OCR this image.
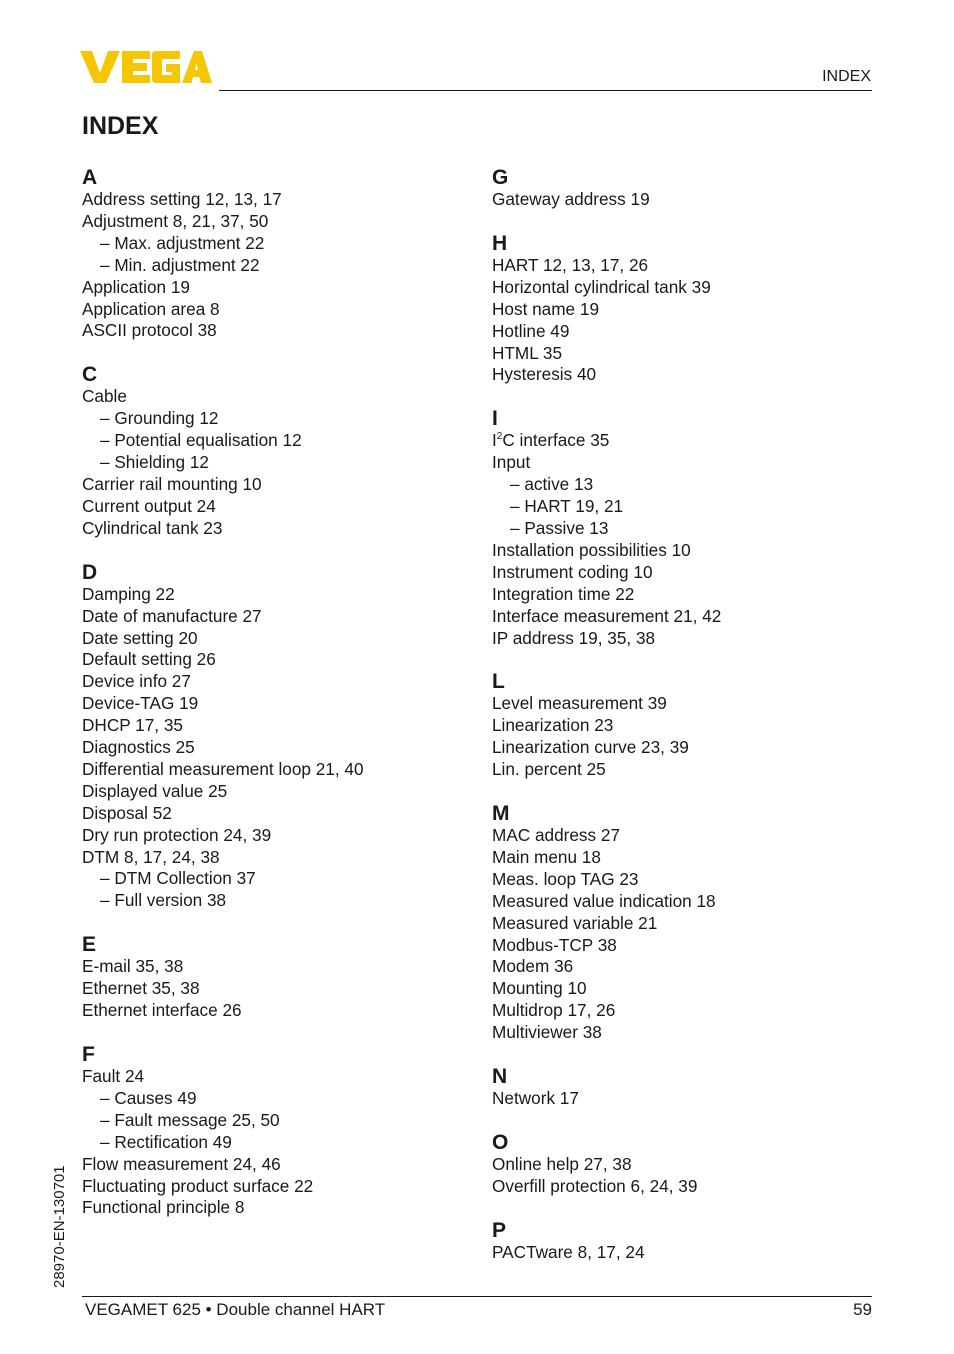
INDEX
INDEX
A
Address setting 12, 13, 17
Adjustment 8, 21, 37, 50
– Max. adjustment 22
– Min. adjustment 22
Application 19
Application area 8
ASCII protocol 38
C
Cable
– Grounding 12
– Potential equalisation 12
– Shielding 12
Carrier rail mounting 10
Current output 24
Cylindrical tank 23
D
Damping 22
Date of manufacture 27
Date setting 20
Default setting 26
Device info 27
Device-TAG 19
DHCP 17, 35
Diagnostics 25
Differential measurement loop 21, 40
Displayed value 25
Disposal 52
Dry run protection 24, 39
DTM 8, 17, 24, 38
– DTM Collection 37
– Full version 38
E
E-mail 35, 38
Ethernet 35, 38
Ethernet interface 26
F
Fault 24
– Causes 49
– Fault message 25, 50
– Rectification 49
Flow measurement 24, 46
Fluctuating product surface 22
Functional principle 8
G
Gateway address 19
H
HART 12, 13, 17, 26
Horizontal cylindrical tank 39
Host name 19
Hotline 49
HTML 35
Hysteresis 40
I
$I^2C$ interface 35
Input
– active 13
– HART 19, 21
– Passive 13
Installation possibilities 10
Instrument coding 10
Integration time 22
Interface measurement 21, 42
IP address 19, 35, 38
L
Level measurement 39
Linearization 23
Linearization curve 23, 39
Lin. percent 25
M
MAC address 27
Main menu 18
Meas. loop TAG 23
Measured value indication 18
Measured variable 21
Modbus-TCP 38
Modem 36
Mounting 10
Multidrop 17, 26
Multiviewer 38
N
Network 17
O
Online help 27, 38
Overfill protection 6, 24, 39
P
PACTware 8, 17, 24
28970-EN-130701
VEGAMET 625 • Double channel HART	59
